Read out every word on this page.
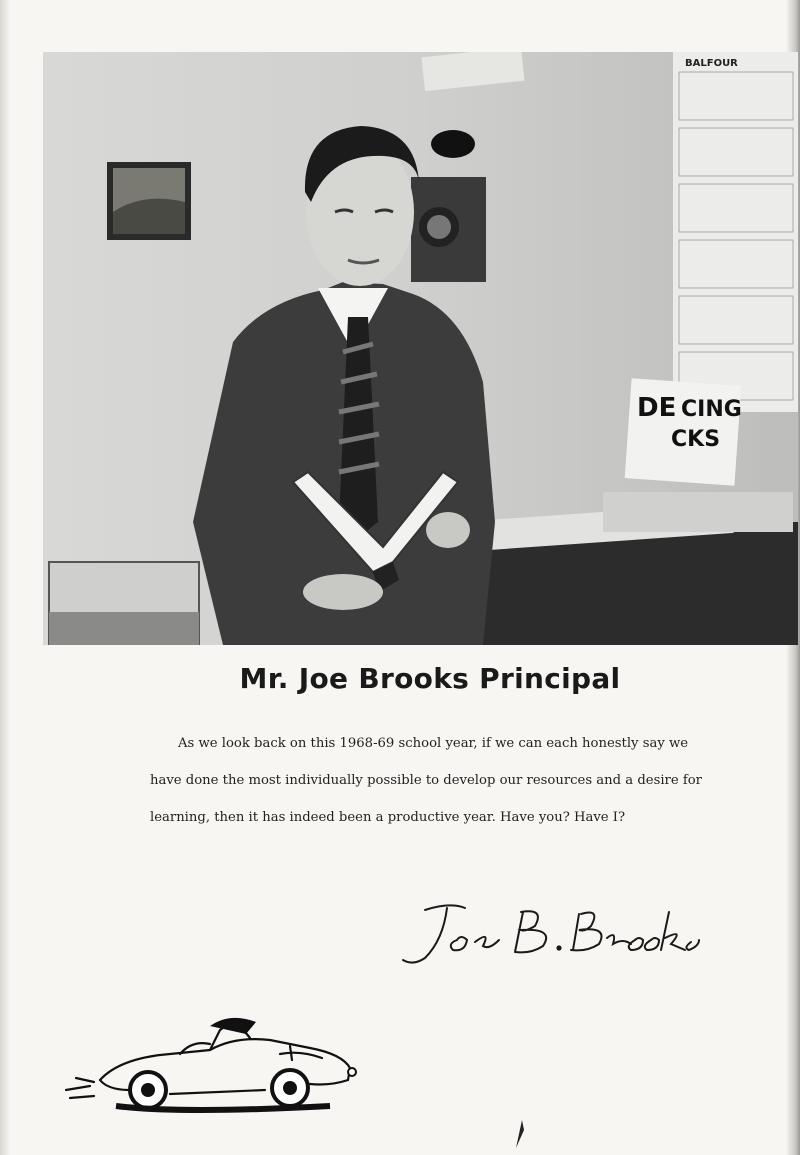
BALFOUR
DE CING
CKS
Mr. Joe Brooks Principal

As we look back on this 1968-69 school year, if we can each honestly say we have done the most individually possible to develop our resources and a desire for learning, then it has indeed been a productive year. Have you? Have I?
